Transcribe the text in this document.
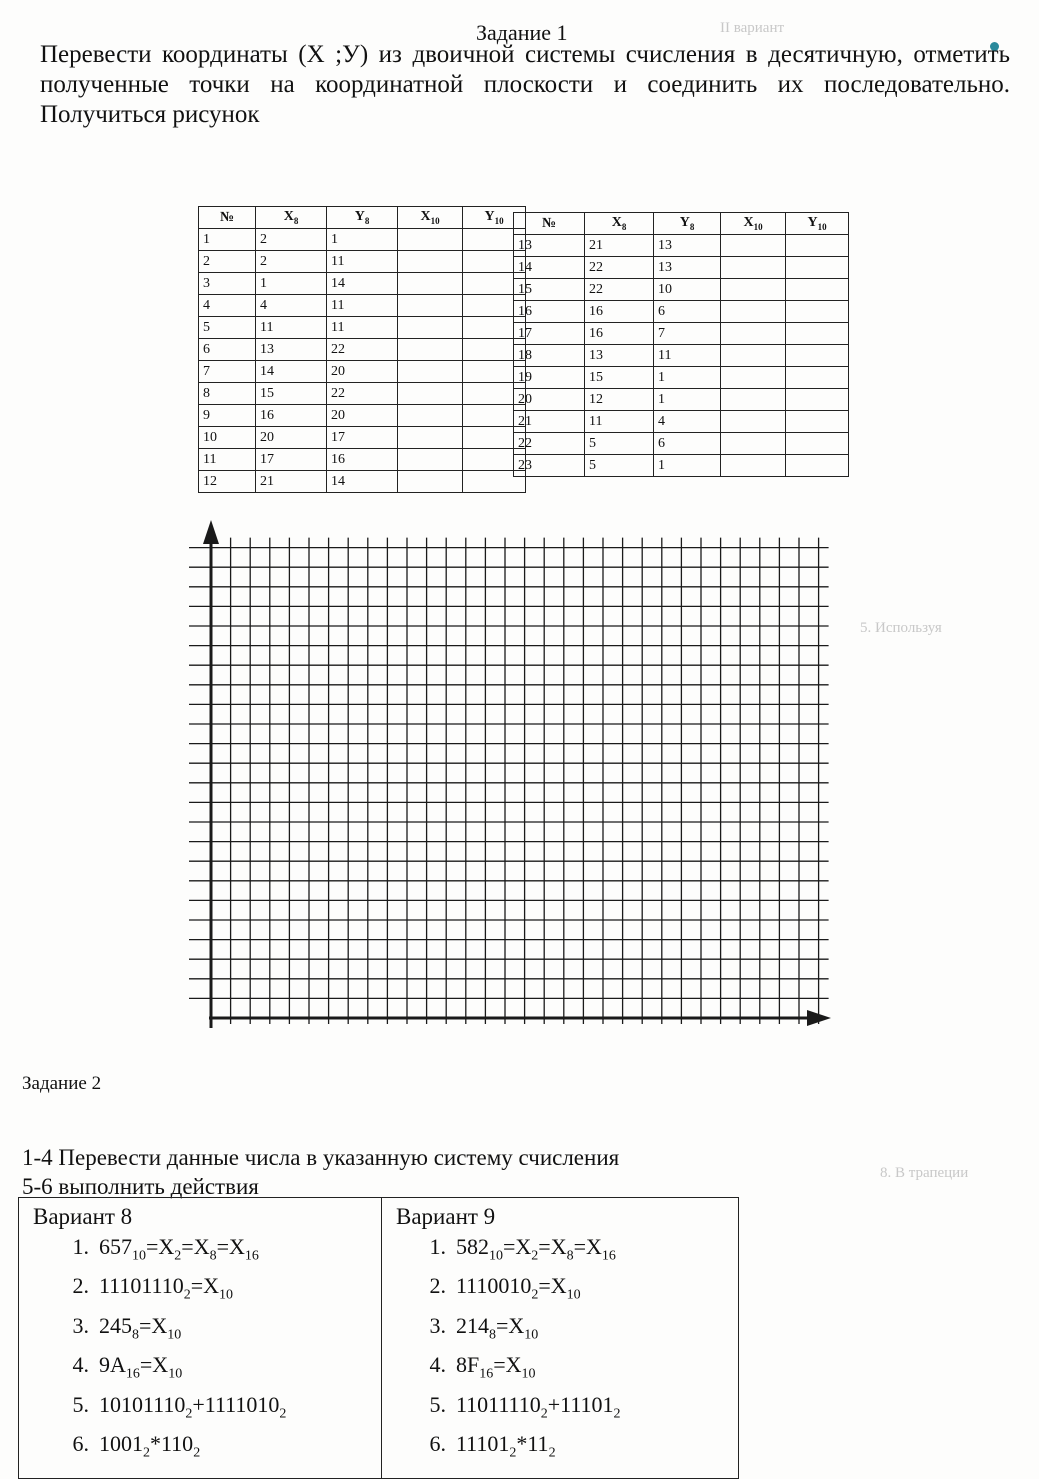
II вариант
5. Используя
8. В трапеции
Задание 1
Перевести координаты (Х ;У) из двоичной системы счисления в десятичную, отметить полученные точки на координатной плоскости и соединить их последовательно. Получиться рисунок
№	$X_8$	$Y_8$	$X_{10}$	$Y_{10}$
1	2	1		
2	2	11		
3	1	14		
4	4	11		
5	11	11		
6	13	22		
7	14	20		
8	15	22		
9	16	20		
10	20	17		
11	17	16		
12	21	14		
№	$X_8$	$Y_8$	$X_{10}$	$Y_{10}$
13	21	13		
14	22	13		
15	22	10		
16	16	6		
17	16	7		
18	13	11		
19	15	1		
20	12	1		
21	11	4		
22	5	6		
23	5	1		
Задание 2
1-4 Перевести данные числа в указанную систему счисления
5-6 выполнить действия
Вариант 8
1. $657_{10}=X_2=X_8=X_{16}$
2. $11101110_2=X_{10}$
3. $245_8=X_{10}$
4. $9A_{16}=X_{10}$
5. $10101110_2+1111010_2$
6. $1001_2*110_2$

Вариант 9
1. $582_{10}=X_2=X_8=X_{16}$
2. $1110010_2=X_{10}$
3. $214_8=X_{10}$
4. $8F_{16}=X_{10}$
5. $11011110_2+11101_2$
6. $11101_2*11_2$
